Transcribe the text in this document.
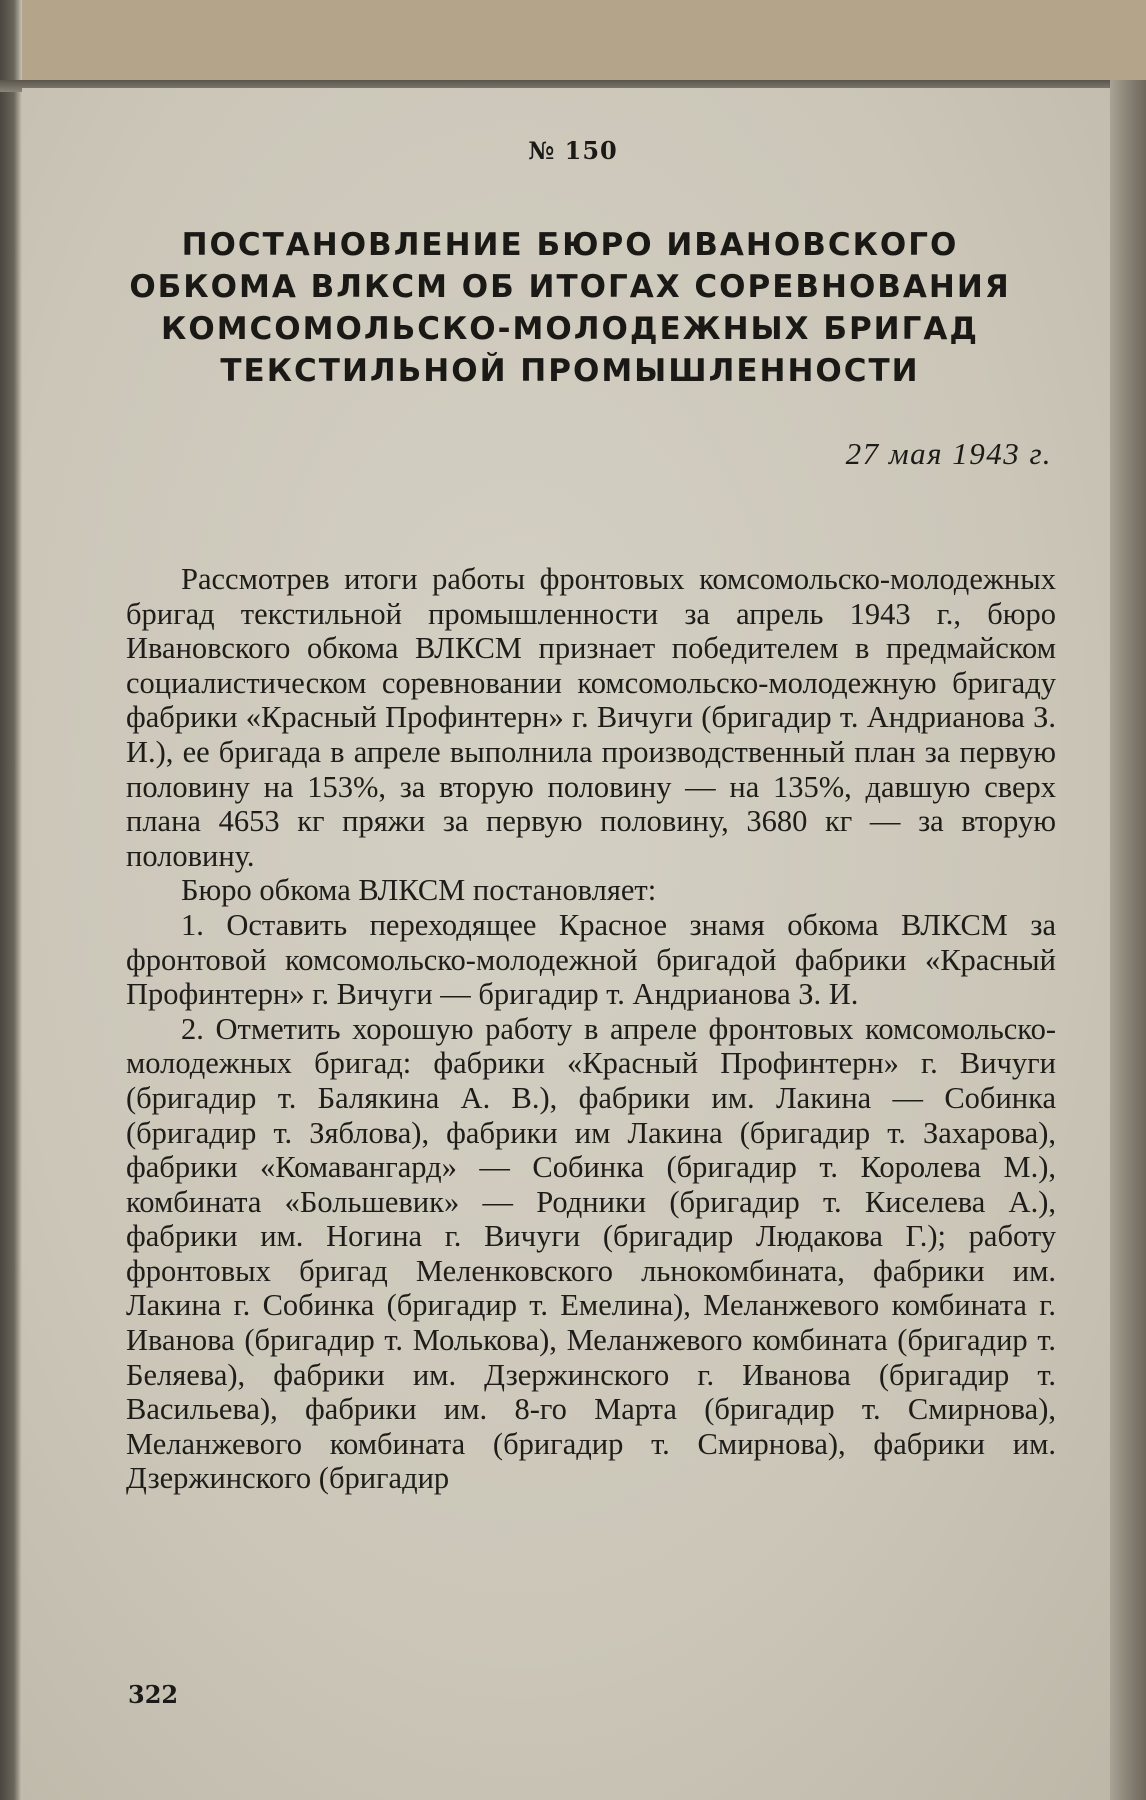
№ 150
ПОСТАНОВЛЕНИЕ БЮРО ИВАНОВСКОГО ОБКОМА ВЛКСМ ОБ ИТОГАХ СОРЕВНОВАНИЯ КОМСОМОЛЬСКО-МОЛОДЕЖНЫХ БРИГАД ТЕКСТИЛЬНОЙ ПРОМЫШЛЕННОСТИ
27 мая 1943 г.

Рассмотрев итоги работы фронтовых комсомольско-молодежных бригад текстильной промышленности за апрель 1943 г., бюро Ивановского обкома ВЛКСМ признает победителем в предмайском социалистическом соревновании комсомольско-молодежную бригаду фабрики «Красный Профинтерн» г. Вичуги (бригадир т. Андрианова З. И.), ее бригада в апреле выполнила производственный план за первую половину на 153%, за вторую половину — на 135%, давшую сверх плана 4653 кг пряжи за первую половину, 3680 кг — за вторую половину.

Бюро обкома ВЛКСМ постановляет:

1. Оставить переходящее Красное знамя обкома ВЛКСМ за фронтовой комсомольско-молодежной бригадой фабрики «Красный Профинтерн» г. Вичуги — бригадир т. Андрианова З. И.

2. Отметить хорошую работу в апреле фронтовых комсомольско-молодежных бригад: фабрики «Красный Профинтерн» г. Вичуги (бригадир т. Балякина А. В.), фабрики им. Лакина — Собинка (бригадир т. Зяблова), фабрики им Лакина (бригадир т. Захарова), фабрики «Комавангард» — Собинка (бригадир т. Королева М.), комбината «Большевик» — Родники (бригадир т. Киселева А.), фабрики им. Ногина г. Вичуги (бригадир Людакова Г.); работу фронтовых бригад Меленковского льнокомбината, фабрики им. Лакина г. Собинка (бригадир т. Емелина), Меланжевого комбината г. Иванова (бригадир т. Молькова), Меланжевого комбината (бригадир т. Беляева), фабрики им. Дзержинского г. Иванова (бригадир т. Васильева), фабрики им. 8-го Марта (бригадир т. Смирнова), Меланжевого комбината (бригадир т. Смирнова), фабрики им. Дзержинского (бригадир

322
